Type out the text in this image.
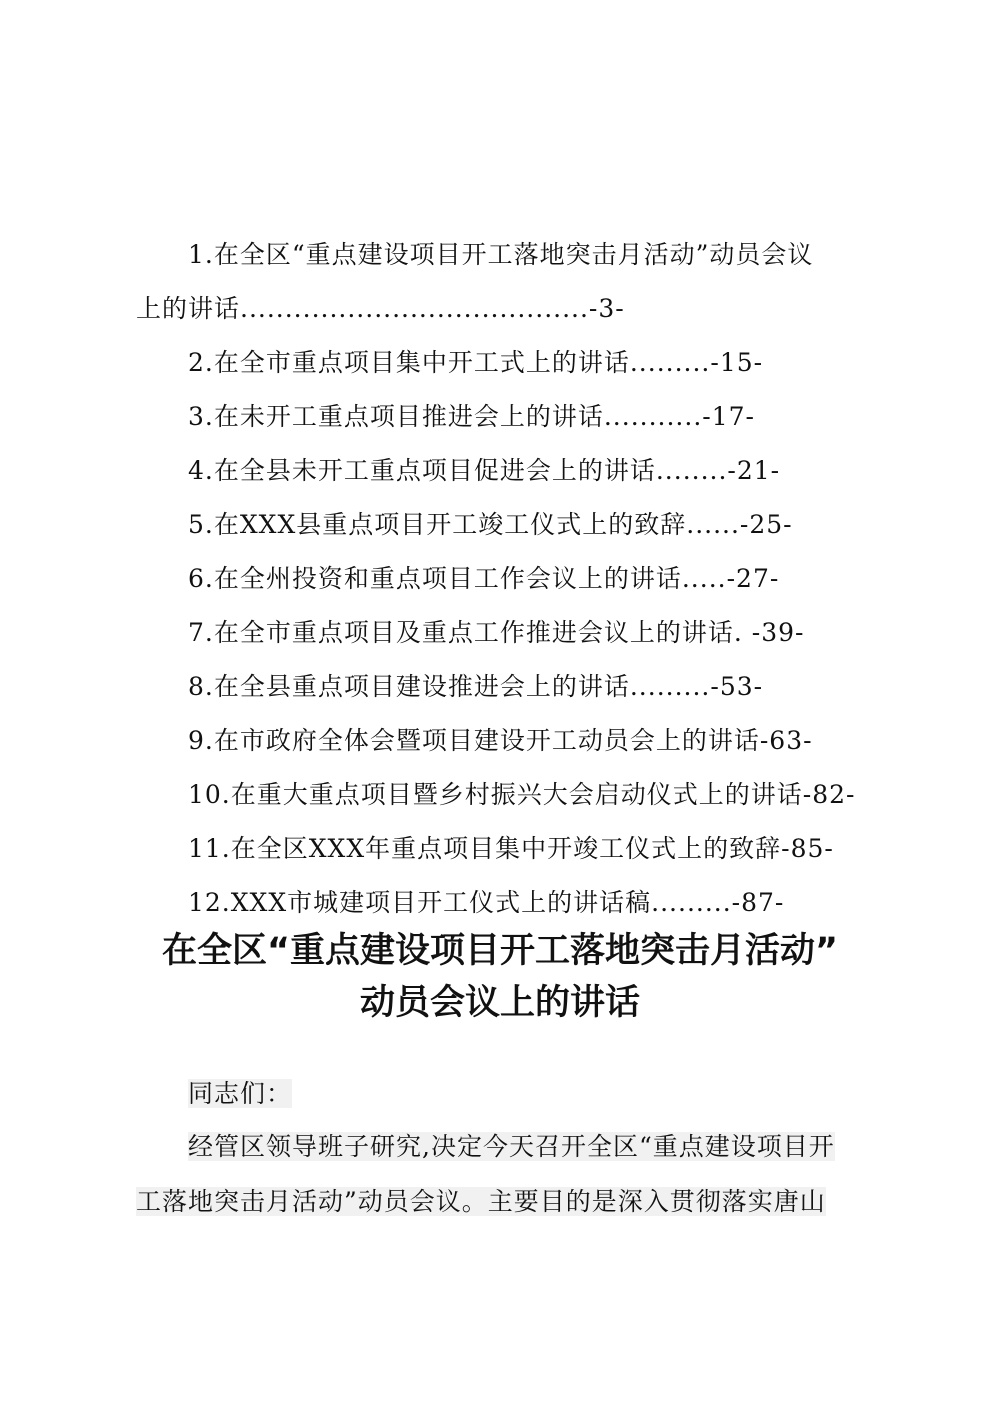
1.在全区“重点建设项目开工落地突击月活动”动员会议
上的讲话.......................................-3-
2.在全市重点项目集中开工式上的讲话.........-15-
3.在未开工重点项目推进会上的讲话...........-17-
4.在全县未开工重点项目促进会上的讲话........-21-
5.在XXX县重点项目开工竣工仪式上的致辞......-25-
6.在全州投资和重点项目工作会议上的讲话.....-27-
7.在全市重点项目及重点工作推进会议上的讲话. -39-
8.在全县重点项目建设推进会上的讲话.........-53-
9.在市政府全体会暨项目建设开工动员会上的讲话-63-
10.在重大重点项目暨乡村振兴大会启动仪式上的讲话-82-
11.在全区XXX年重点项目集中开竣工仪式上的致辞-85-
12.XXX市城建项目开工仪式上的讲话稿.........-87-
在全区“重点建设项目开工落地突击月活动”
动员会议上的讲话
同志们：
经管区领导班子研究,决定今天召开全区“重点建设项目开
工落地突击月活动”动员会议。主要目的是深入贯彻落实唐山
